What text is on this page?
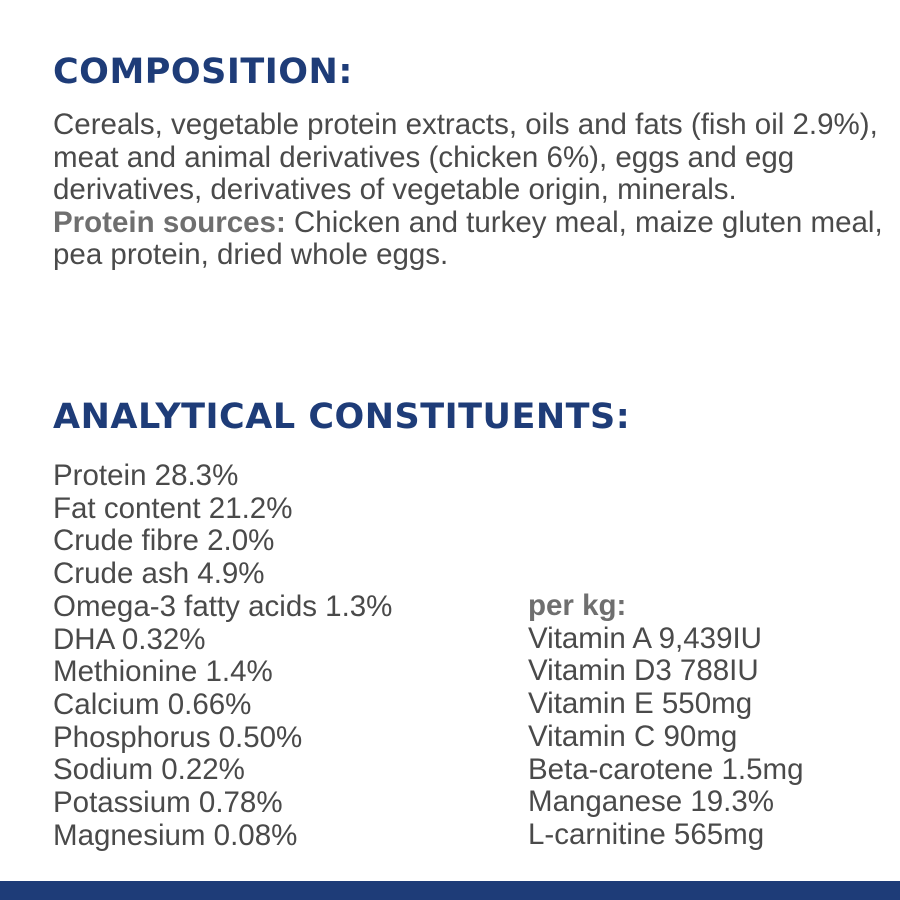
COMPOSITION:

Cereals, vegetable protein extracts, oils and fats (fish oil 2.9%), meat and animal derivatives (chicken 6%), eggs and egg derivatives, derivatives of vegetable origin, minerals.

Protein sources: Chicken and turkey meal, maize gluten meal, pea protein, dried whole eggs.

ANALYTICAL CONSTITUENTS:
Protein 28.3%
Fat content 21.2%
Crude fibre 2.0%
Crude ash 4.9%
Omega-3 fatty acids 1.3%
DHA 0.32%
Methionine 1.4%
Calcium 0.66%
Phosphorus 0.50%
Sodium 0.22%
Potassium 0.78%
Magnesium 0.08%
per kg:
Vitamin A 9,439IU
Vitamin D3 788IU
Vitamin E 550mg
Vitamin C 90mg
Beta-carotene 1.5mg
Manganese 19.3%
L-carnitine 565mg
